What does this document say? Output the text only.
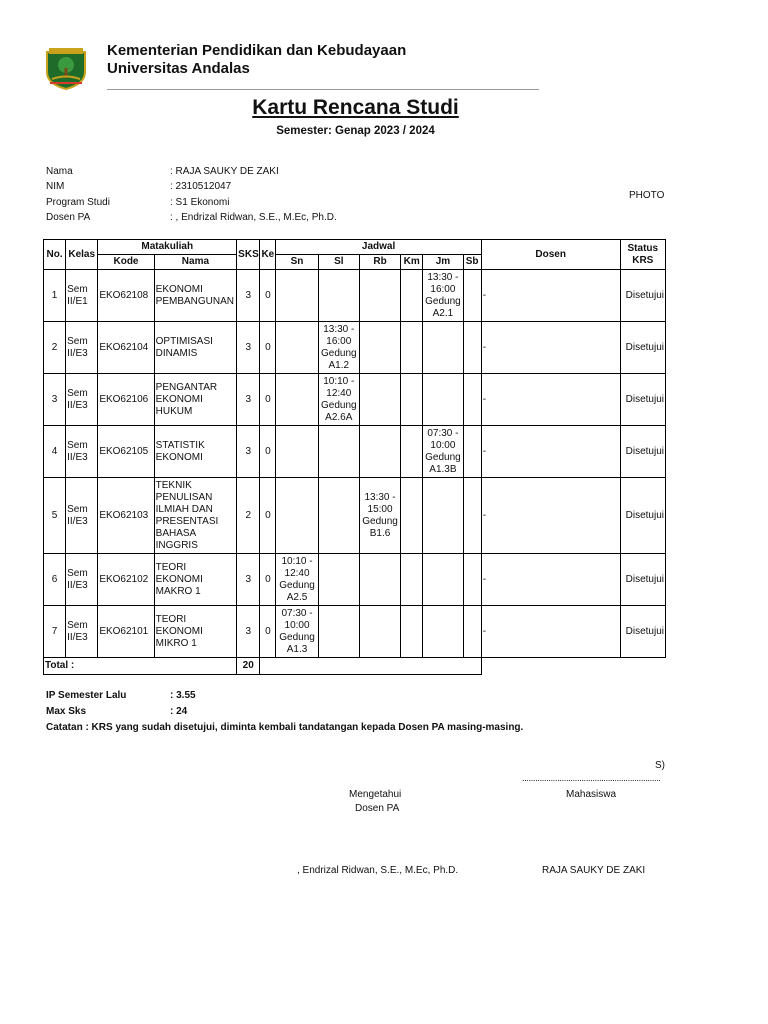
Kementerian Pendidikan dan Kebudayaan
Universitas Andalas
Kartu Rencana Studi
Semester: Genap 2023 / 2024
Nama	: RAJA SAUKY DE ZAKI
NIM	: 2310512047
Program Studi	: S1 Ekonomi
Dosen PA	: , Endrizal Ridwan, S.E., M.Ec, Ph.D.
PHOTO
No.	Kelas	Matakuliah		SKS	Ke	Jadwal						Dosen	Status KRS
		Kode	Nama			Sn	Sl	Rb	Km	Jm	Sb		
1	Sem II/E1	EKO62108	EKONOMI PEMBANGUNAN	3	0					13:30 - 16:00 Gedung A2.1		-	Disetujui
2	Sem II/E3	EKO62104	OPTIMISASI DINAMIS	3	0		13:30 - 16:00 Gedung A1.2					-	Disetujui
3	Sem II/E3	EKO62106	PENGANTAR EKONOMI HUKUM	3	0		10:10 - 12:40 Gedung A2.6A					-	Disetujui
4	Sem II/E3	EKO62105	STATISTIK EKONOMI	3	0					07:30 - 10:00 Gedung A1.3B		-	Disetujui
5	Sem II/E3	EKO62103	TEKNIK PENULISAN ILMIAH DAN PRESENTASI BAHASA INGGRIS	2	0			13:30 - 15:00 Gedung B1.6				-	Disetujui
6	Sem II/E3	EKO62102	TEORI EKONOMI MAKRO 1	3	0	10:10 - 12:40 Gedung A2.5						-	Disetujui
7	Sem II/E3	EKO62101	TEORI EKONOMI MIKRO 1	3	0	07:30 - 10:00 Gedung A1.3						-	Disetujui
Total :				20									
IP Semester Lalu	: 3.55
Max Sks	: 24
Catatan : KRS yang sudah disetujui, diminta kembali tandatangan kepada Dosen PA masing-masing.
S)
...............................................................
Mengetahui	Mahasiswa
Dosen PA
, Endrizal Ridwan, S.E., M.Ec, Ph.D.	RAJA SAUKY DE ZAKI
